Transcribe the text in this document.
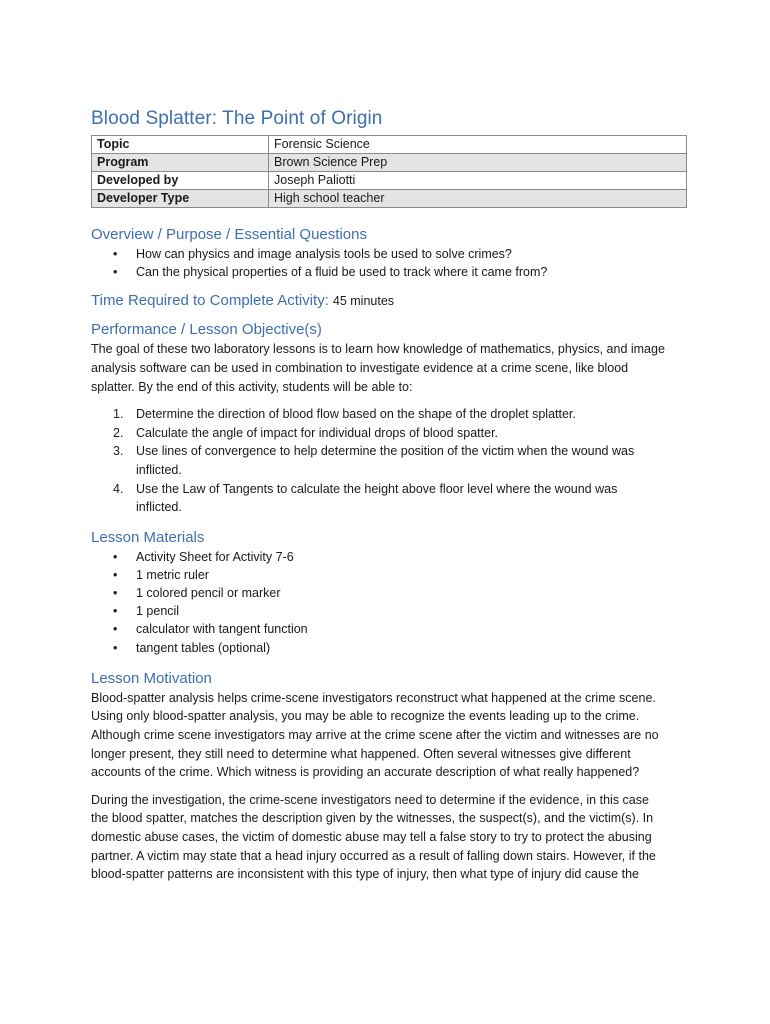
Blood Splatter: The Point of Origin
Topic	Forensic Science
Program	Brown Science Prep
Developed by	Joseph Paliotti
Developer Type	High school teacher
Overview / Purpose / Essential Questions
• How can physics and image analysis tools be used to solve crimes?
• Can the physical properties of a fluid be used to track where it came from?
Time Required to Complete Activity: 45 minutes
Performance / Lesson Objective(s)

The goal of these two laboratory lessons is to learn how knowledge of mathematics, physics, and image
analysis software can be used in combination to investigate evidence at a crime scene, like blood
splatter. By the end of this activity, students will be able to:

1. Determine the direction of blood flow based on the shape of the droplet splatter.
2. Calculate the angle of impact for individual drops of blood spatter.
3. Use lines of convergence to help determine the position of the victim when the wound was
inflicted.
4. Use the Law of Tangents to calculate the height above floor level where the wound was
inflicted.
Lesson Materials
• Activity Sheet for Activity 7-6
• 1 metric ruler
• 1 colored pencil or marker
• 1 pencil
• calculator with tangent function
• tangent tables (optional)
Lesson Motivation

Blood-spatter analysis helps crime-scene investigators reconstruct what happened at the crime scene.
Using only blood-spatter analysis, you may be able to recognize the events leading up to the crime.
Although crime scene investigators may arrive at the crime scene after the victim and witnesses are no
longer present, they still need to determine what happened. Often several witnesses give different
accounts of the crime. Which witness is providing an accurate description of what really happened?

During the investigation, the crime-scene investigators need to determine if the evidence, in this case
the blood spatter, matches the description given by the witnesses, the suspect(s), and the victim(s). In
domestic abuse cases, the victim of domestic abuse may tell a false story to try to protect the abusing
partner. A victim may state that a head injury occurred as a result of falling down stairs. However, if the
blood-spatter patterns are inconsistent with this type of injury, then what type of injury did cause the
